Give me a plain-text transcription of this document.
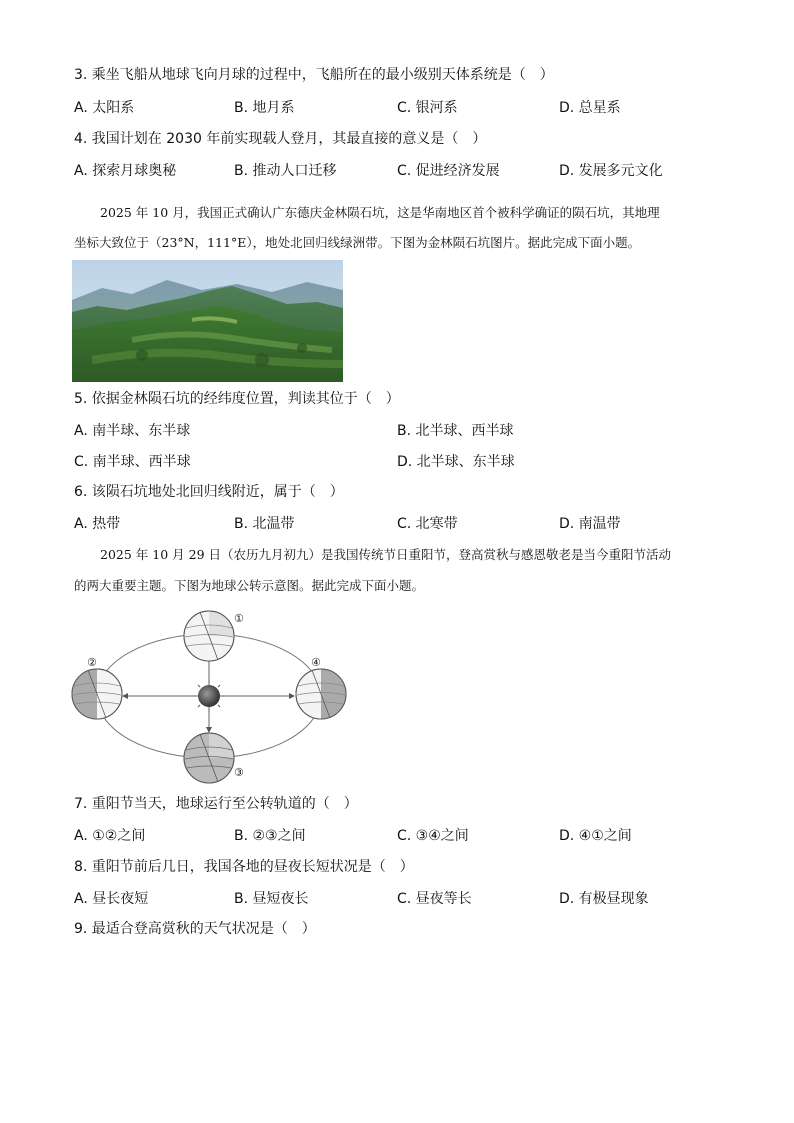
3. 乘坐飞船从地球飞向月球的过程中，飞船所在的最小级别天体系统是（　）
A. 太阳系	B. 地月系	C. 银河系	D. 总星系
4. 我国计划在 2030 年前实现载人登月，其最直接的意义是（　）
A. 探索月球奥秘	B. 推动人口迁移	C. 促进经济发展	D. 发展多元文化
2025 年 10 月，我国正式确认广东德庆金林陨石坑，这是华南地区首个被科学确证的陨石坑，其地理
坐标大致位于（23°N，111°E），地处北回归线绿洲带。下图为金林陨石坑图片。据此完成下面小题。
5. 依据金林陨石坑的经纬度位置，判读其位于（　）
A. 南半球、东半球	B. 北半球、西半球
C. 南半球、西半球	D. 北半球、东半球
6. 该陨石坑地处北回归线附近，属于（　）
A. 热带	B. 北温带	C. 北寒带	D. 南温带
2025 年 10 月 29 日（农历九月初九）是我国传统节日重阳节，登高赏秋与感恩敬老是当今重阳节活动
的两大重要主题。下图为地球公转示意图。据此完成下面小题。
①
②
③
④
7. 重阳节当天，地球运行至公转轨道的（　）
A. ①②之间	B. ②③之间	C. ③④之间	D. ④①之间
8. 重阳节前后几日，我国各地的昼夜长短状况是（　）
A. 昼长夜短	B. 昼短夜长	C. 昼夜等长	D. 有极昼现象
9. 最适合登高赏秋的天气状况是（　）
